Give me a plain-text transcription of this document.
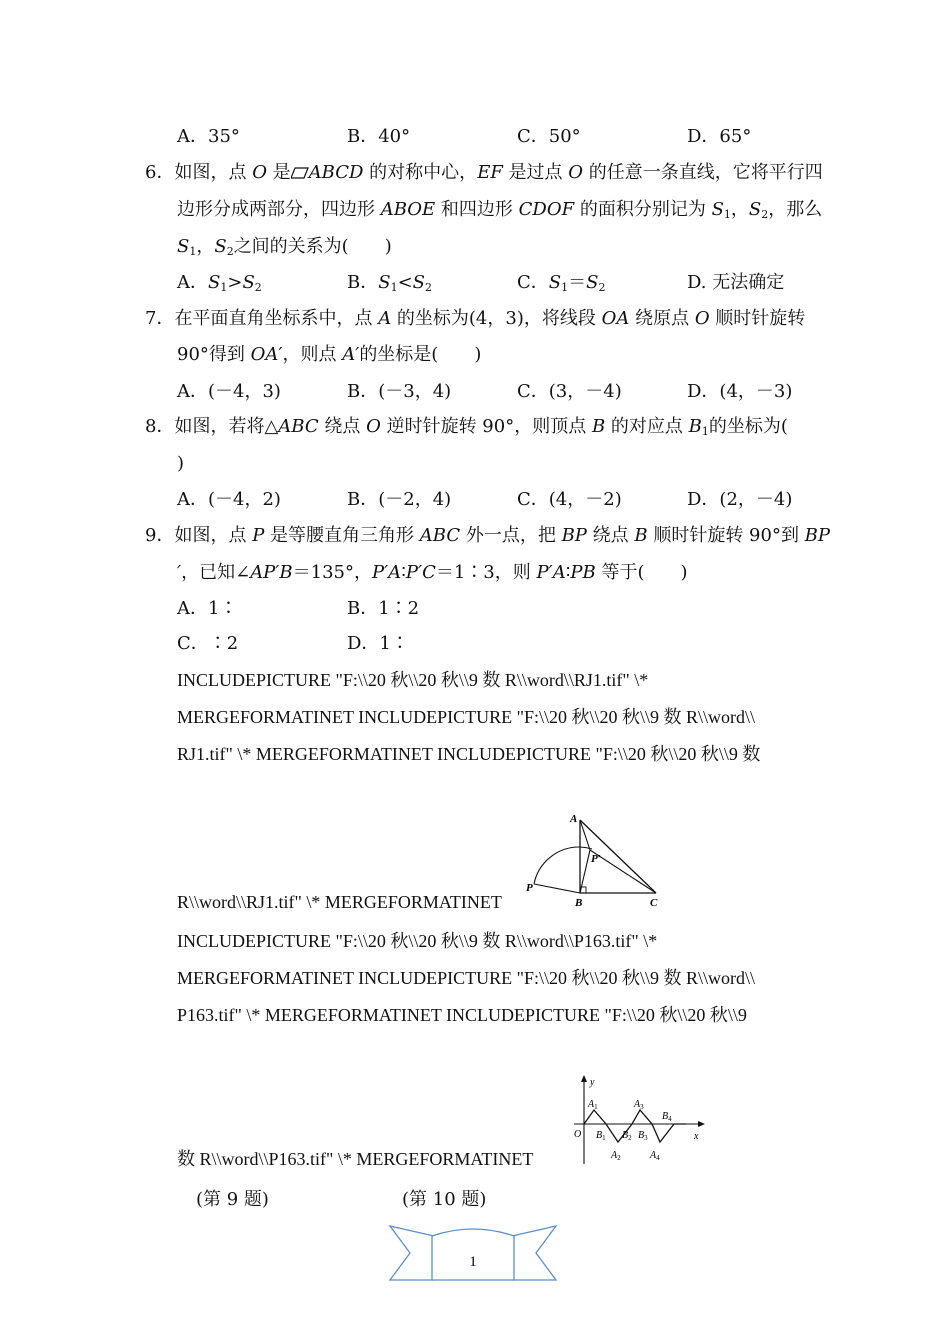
A．35°	B．40°	C．50°	D．65°
6．如图，点 O 是 ABCD 的对称中心，EF 是过点 O 的任意一条直线，它将平行四
边形分成两部分，四边形 ABOE 和四边形 CDOF 的面积分别记为 $S_1$，$S_2$，那么
$S_1$，$S_2$之间的关系为(　　)
A．$S_1>S_2$	B．$S_1<S_2$	C．$S_1=S_2$	D. 无法确定
7．在平面直角坐标系中，点 A 的坐标为(4，3)，将线段 OA 绕原点 O 顺时针旋转
90°得到 OA′，则点 A′的坐标是(　　)
A．(－4，3)	B．(－3，4)	C．(3，－4)	D．(4，－3)
8．如图，若将△ABC 绕点 O 逆时针旋转 90°，则顶点 B 的对应点 $B_1$的坐标为(
)
A．(－4，2)	B．(－2，4)	C．(4，－2)	D．(2，－4)
9．如图，点 P 是等腰直角三角形 ABC 外一点，把 BP 绕点 B 顺时针旋转 90°到 BP
′，已知∠AP′B＝135°，P′A∶P′C＝1∶3，则 P′A∶PB 等于(　　)
A．1∶	B．1∶2
C．∶2	D．1∶
INCLUDEPICTURE "F:\\20 秋\\20 秋\\9 数 R\\word\\RJ1.tif" \*
MERGEFORMATINET INCLUDEPICTURE "F:\\20 秋\\20 秋\\9 数 R\\word\\
RJ1.tif" \* MERGEFORMATINET INCLUDEPICTURE "F:\\20 秋\\20 秋\\9 数
R\\word\\RJ1.tif" \* MERGEFORMATINET
A
P′
P
B	C
INCLUDEPICTURE "F:\\20 秋\\20 秋\\9 数 R\\word\\P163.tif" \*
MERGEFORMATINET INCLUDEPICTURE "F:\\20 秋\\20 秋\\9 数 R\\word\\
P163.tif" \* MERGEFORMATINET INCLUDEPICTURE "F:\\20 秋\\20 秋\\9
数 R\\word\\P163.tif" \* MERGEFORMATINET
y
x
O
$A_1$
$A_2$
$A_3$
$A_4$
$B_1$ $B_2$ $B_3$
$B_4$
(第 9 题)	(第 10 题)
1
